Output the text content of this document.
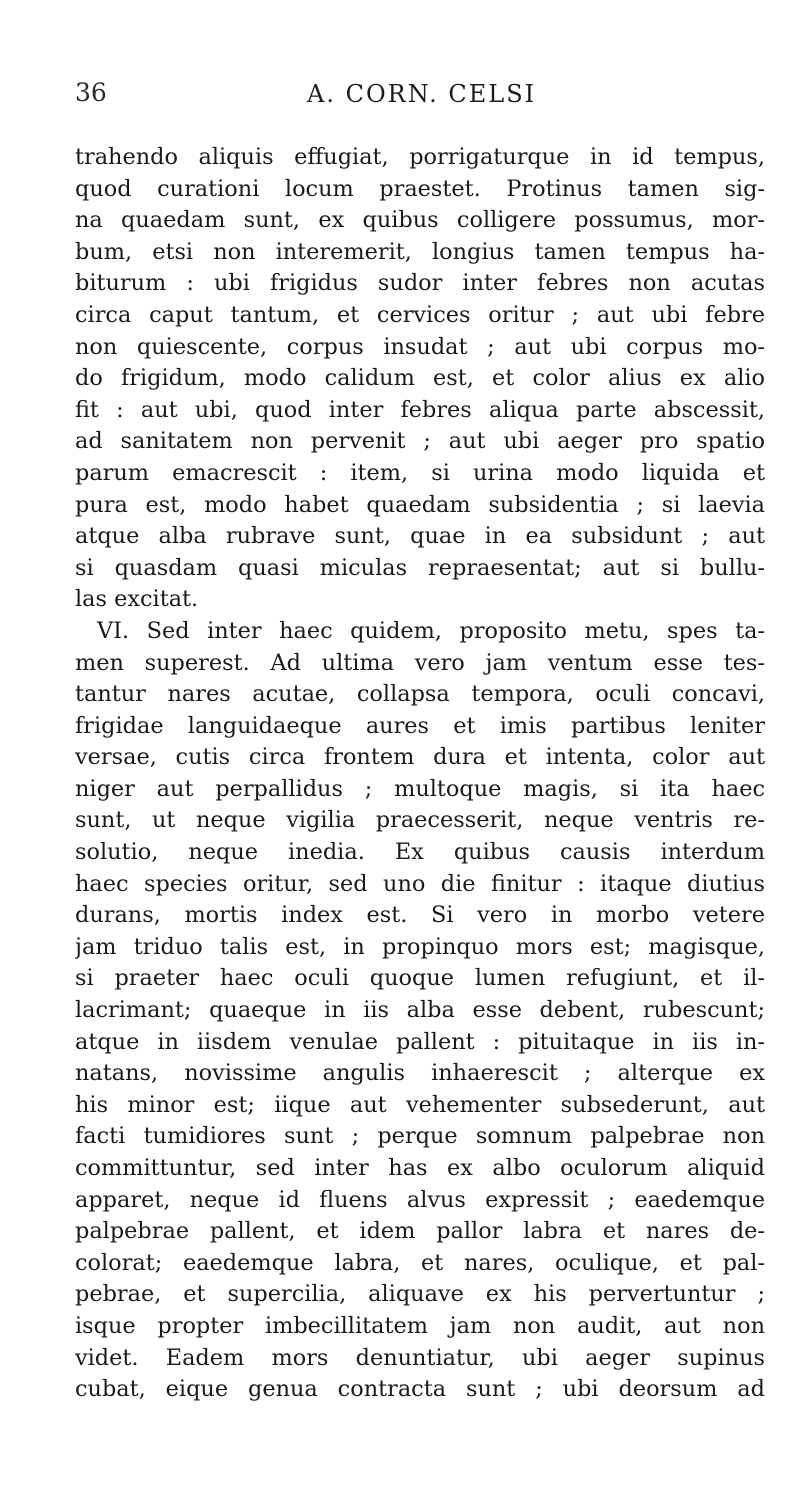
36	A. CORN. CELSI
trahendo aliquis effugiat, porrigaturque in id tempus,
quod curationi locum praestet. Protinus tamen sig-
na quaedam sunt, ex quibus colligere possumus, mor-
bum, etsi non interemerit, longius tamen tempus ha-
biturum : ubi frigidus sudor inter febres non acutas
circa caput tantum, et cervices oritur ; aut ubi febre
non quiescente, corpus insudat ; aut ubi corpus mo-
do frigidum, modo calidum est, et color alius ex alio
fit : aut ubi, quod inter febres aliqua parte abscessit,
ad sanitatem non pervenit ; aut ubi aeger pro spatio
parum emacrescit : item, si urina modo liquida et
pura est, modo habet quaedam subsidentia ; si laevia
atque alba rubrave sunt, quae in ea subsidunt ; aut
si quasdam quasi miculas repraesentat; aut si bullu-
las excitat.
VI. Sed inter haec quidem, proposito metu, spes ta-
men superest. Ad ultima vero jam ventum esse tes-
tantur nares acutae, collapsa tempora, oculi concavi,
frigidae languidaeque aures et imis partibus leniter
versae, cutis circa frontem dura et intenta, color aut
niger aut perpallidus ; multoque magis, si ita haec
sunt, ut neque vigilia praecesserit, neque ventris re-
solutio, neque inedia. Ex quibus causis interdum
haec species oritur, sed uno die finitur : itaque diutius
durans, mortis index est. Si vero in morbo vetere
jam triduo talis est, in propinquo mors est; magisque,
si praeter haec oculi quoque lumen refugiunt, et il-
lacrimant; quaeque in iis alba esse debent, rubescunt;
atque in iisdem venulae pallent : pituitaque in iis in-
natans, novissime angulis inhaerescit ; alterque ex
his minor est; iique aut vehementer subsederunt, aut
facti tumidiores sunt ; perque somnum palpebrae non
committuntur, sed inter has ex albo oculorum aliquid
apparet, neque id fluens alvus expressit ; eaedemque
palpebrae pallent, et idem pallor labra et nares de-
colorat; eaedemque labra, et nares, oculique, et pal-
pebrae, et supercilia, aliquave ex his pervertuntur ;
isque propter imbecillitatem jam non audit, aut non
videt. Eadem mors denuntiatur, ubi aeger supinus
cubat, eique genua contracta sunt ; ubi deorsum ad
